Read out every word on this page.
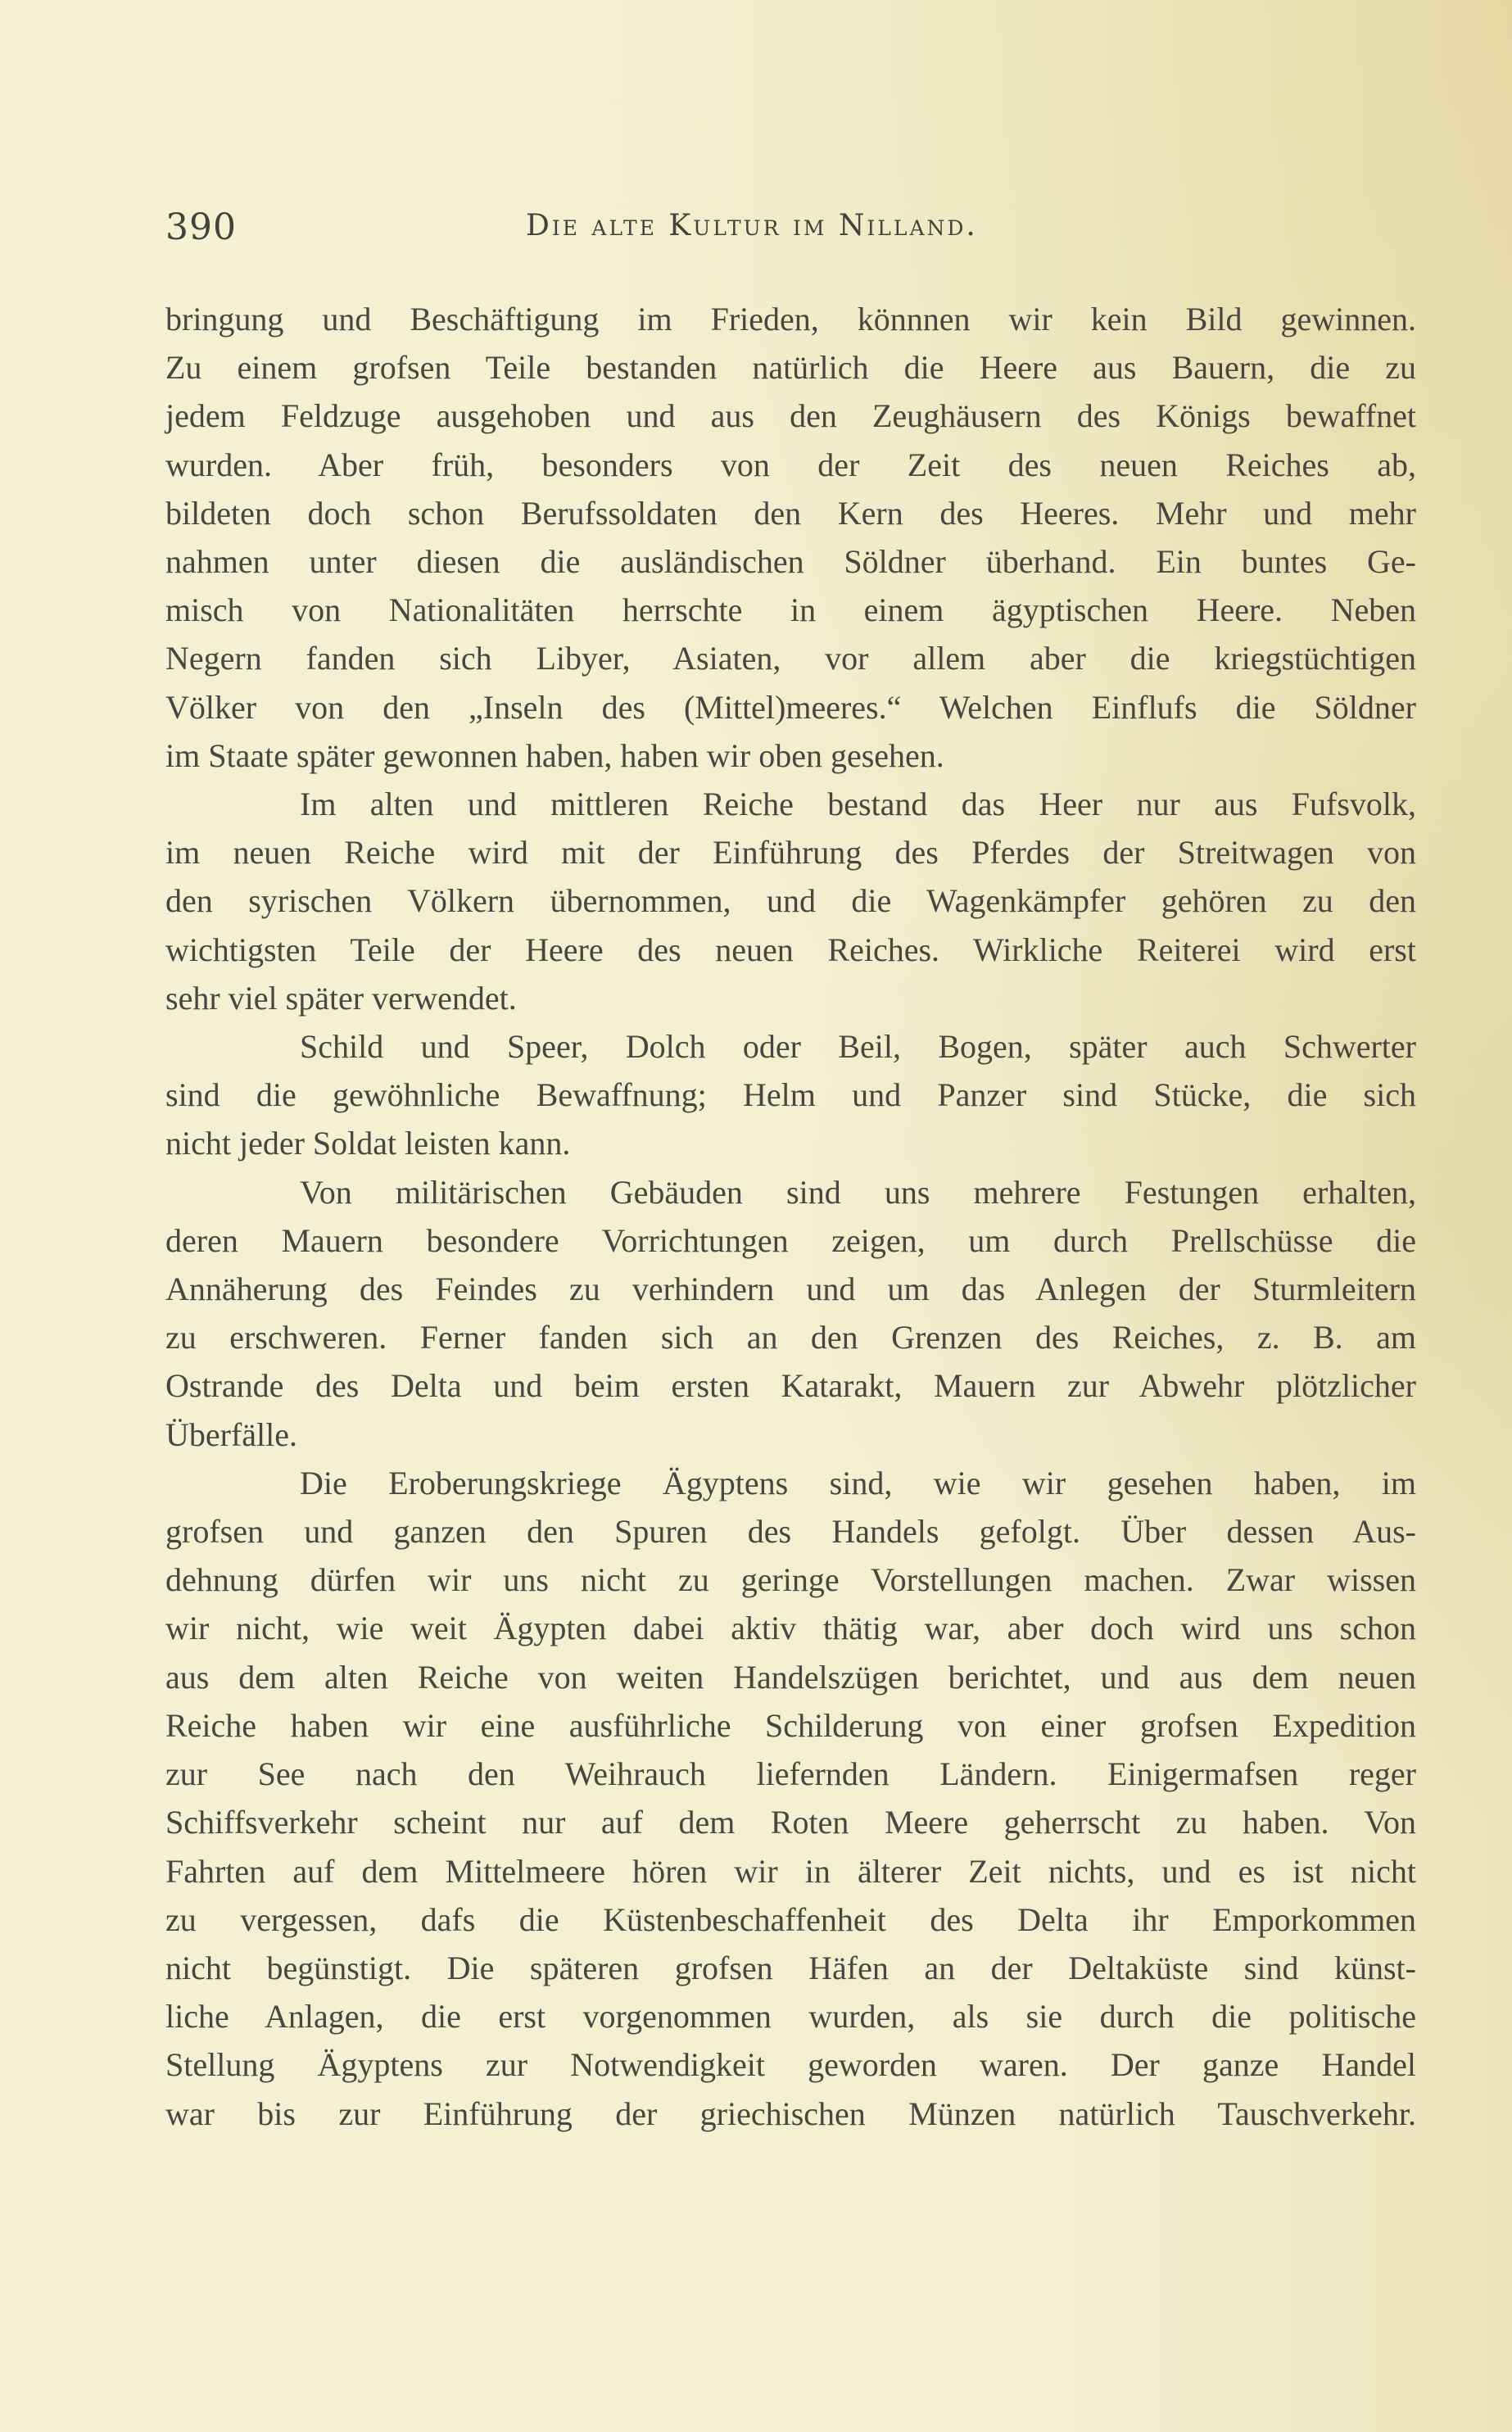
390	Die alte Kultur im Nilland.

bringung und Beschäftigung im Frieden, könnnen wir kein Bild gewinnen.
Zu einem grofsen Teile bestanden natürlich die Heere aus Bauern, die zu
jedem Feldzuge ausgehoben und aus den Zeughäusern des Königs bewaffnet
wurden. Aber früh, besonders von der Zeit des neuen Reiches ab,
bildeten doch schon Berufssoldaten den Kern des Heeres. Mehr und mehr
nahmen unter diesen die ausländischen Söldner überhand. Ein buntes Ge-
misch von Nationalitäten herrschte in einem ägyptischen Heere. Neben
Negern fanden sich Libyer, Asiaten, vor allem aber die kriegstüchtigen
Völker von den „Inseln des (Mittel)meeres.“ Welchen Einflufs die Söldner
im Staate später gewonnen haben, haben wir oben gesehen.

Im alten und mittleren Reiche bestand das Heer nur aus Fufsvolk,
im neuen Reiche wird mit der Einführung des Pferdes der Streitwagen von
den syrischen Völkern übernommen, und die Wagenkämpfer gehören zu den
wichtigsten Teile der Heere des neuen Reiches. Wirkliche Reiterei wird erst
sehr viel später verwendet.

Schild und Speer, Dolch oder Beil, Bogen, später auch Schwerter
sind die gewöhnliche Bewaffnung; Helm und Panzer sind Stücke, die sich
nicht jeder Soldat leisten kann.

Von militärischen Gebäuden sind uns mehrere Festungen erhalten,
deren Mauern besondere Vorrichtungen zeigen, um durch Prellschüsse die
Annäherung des Feindes zu verhindern und um das Anlegen der Sturmleitern
zu erschweren. Ferner fanden sich an den Grenzen des Reiches, z. B. am
Ostrande des Delta und beim ersten Katarakt, Mauern zur Abwehr plötzlicher
Überfälle.

Die Eroberungskriege Ägyptens sind, wie wir gesehen haben, im
grofsen und ganzen den Spuren des Handels gefolgt. Über dessen Aus-
dehnung dürfen wir uns nicht zu geringe Vorstellungen machen. Zwar wissen
wir nicht, wie weit Ägypten dabei aktiv thätig war, aber doch wird uns schon
aus dem alten Reiche von weiten Handelszügen berichtet, und aus dem neuen
Reiche haben wir eine ausführliche Schilderung von einer grofsen Expedition
zur See nach den Weihrauch liefernden Ländern. Einigermafsen reger
Schiffsverkehr scheint nur auf dem Roten Meere geherrscht zu haben. Von
Fahrten auf dem Mittelmeere hören wir in älterer Zeit nichts, und es ist nicht
zu vergessen, dafs die Küstenbeschaffenheit des Delta ihr Emporkommen
nicht begünstigt. Die späteren grofsen Häfen an der Deltaküste sind künst-
liche Anlagen, die erst vorgenommen wurden, als sie durch die politische
Stellung Ägyptens zur Notwendigkeit geworden waren. Der ganze Handel
war bis zur Einführung der griechischen Münzen natürlich Tauschverkehr.
